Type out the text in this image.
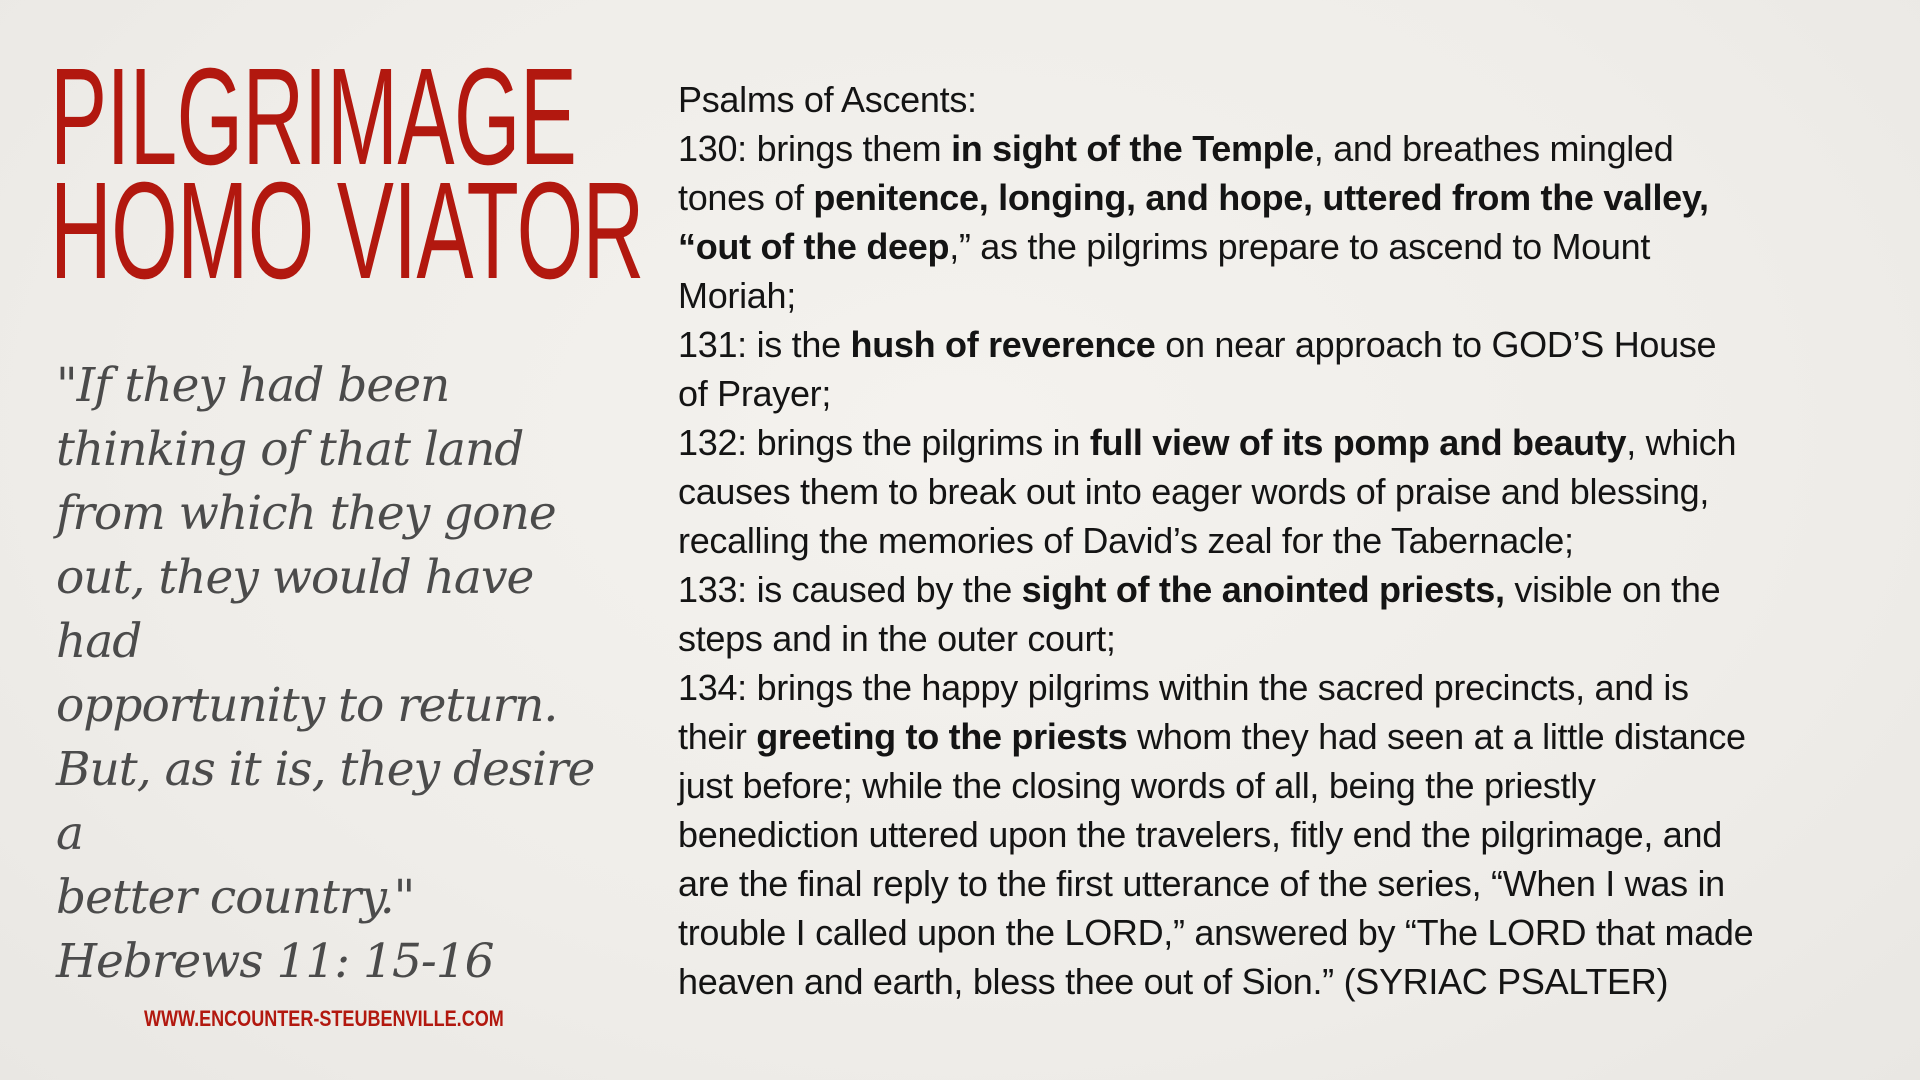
PILGRIMAGE
HOMO VIATOR
"If they had been
thinking of that land
from which they gone
out, they would have had
opportunity to return.
But, as it is, they desire a
better country."
Hebrews 11: 15-16
WWW.ENCOUNTER-STEUBENVILLE.COM
Psalms of Ascents:
130: brings them in sight of the Temple, and breathes mingled
tones of penitence, longing, and hope, uttered from the valley,
“out of the deep,” as the pilgrims prepare to ascend to Mount
Moriah;
131: is the hush of reverence on near approach to GOD’S House
of Prayer;
132: brings the pilgrims in full view of its pomp and beauty, which
causes them to break out into eager words of praise and blessing,
recalling the memories of David’s zeal for the Tabernacle;
133: is caused by the sight of the anointed priests, visible on the
steps and in the outer court;
134: brings the happy pilgrims within the sacred precincts, and is
their greeting to the priests whom they had seen at a little distance
just before; while the closing words of all, being the priestly
benediction uttered upon the travelers, fitly end the pilgrimage, and
are the final reply to the first utterance of the series, “When I was in
trouble I called upon the LORD,” answered by “The LORD that made
heaven and earth, bless thee out of Sion.” (SYRIAC PSALTER)
